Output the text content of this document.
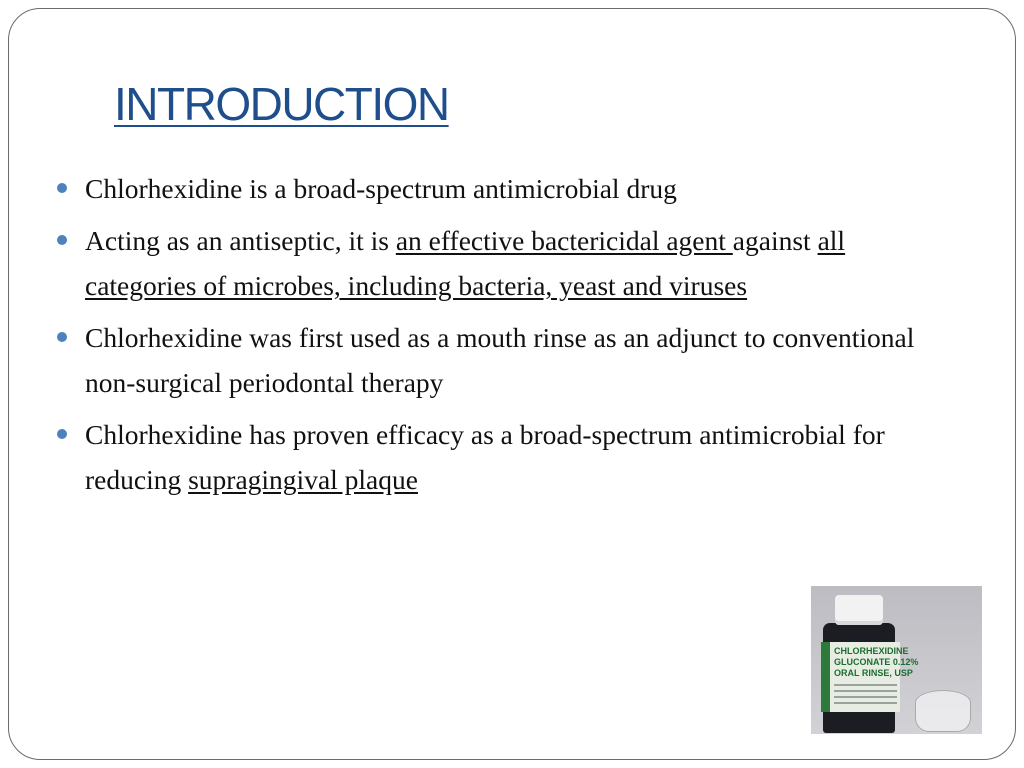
INTRODUCTION
Chlorhexidine is a broad-spectrum antimicrobial drug
Acting as an antiseptic, it is an effective bactericidal agent against all categories of microbes, including bacteria, yeast and viruses
Chlorhexidine was first used as a mouth rinse as an adjunct to conventional non-surgical periodontal therapy
Chlorhexidine has proven efficacy as a broad-spectrum antimicrobial for reducing supragingival plaque
CHLORHEXIDINE
GLUCONATE 0.12%
ORAL RINSE, USP
